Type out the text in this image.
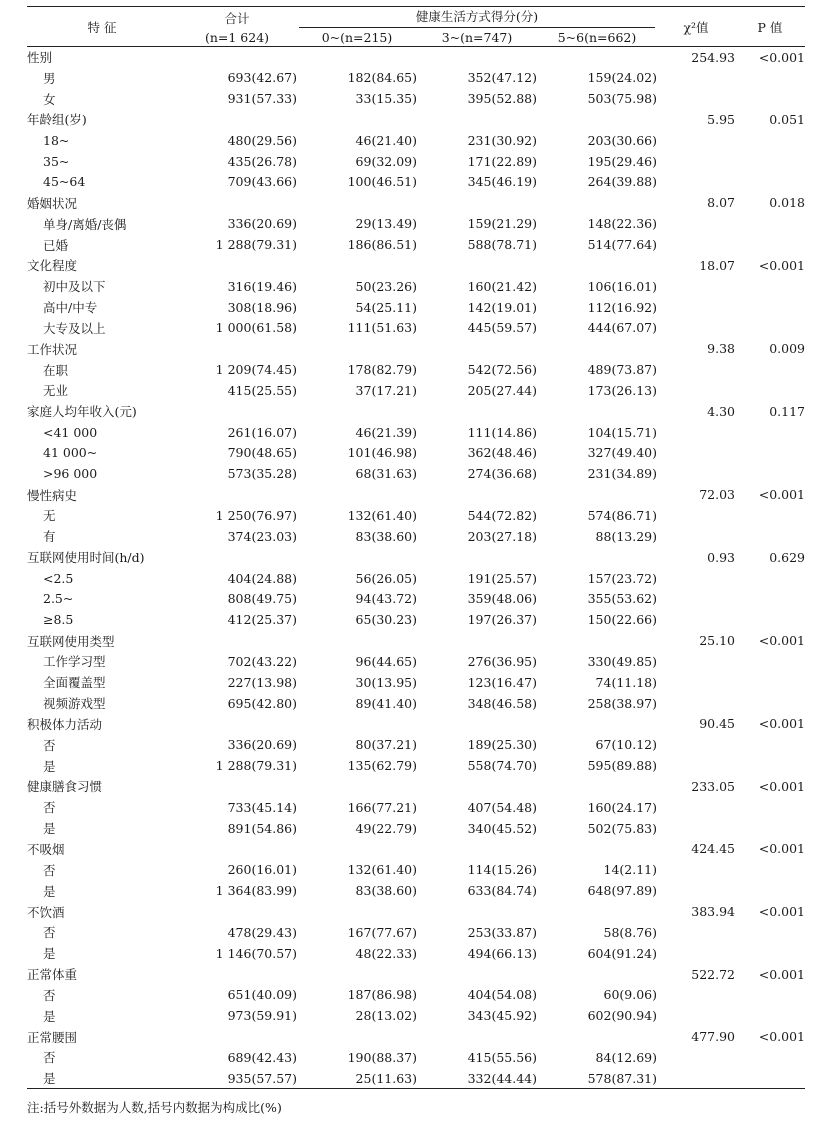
特 征	合计	健康生活方式得分(分)			χ²值	P 值
	(n=1 624)	0~(n=215)	3~(n=747)	5~6(n=662)		
性别					254.93	<0.001
男	693(42.67)	182(84.65)	352(47.12)	159(24.02)		
女	931(57.33)	33(15.35)	395(52.88)	503(75.98)		
年龄组(岁)					5.95	0.051
18~	480(29.56)	46(21.40)	231(30.92)	203(30.66)		
35~	435(26.78)	69(32.09)	171(22.89)	195(29.46)		
45~64	709(43.66)	100(46.51)	345(46.19)	264(39.88)		
婚姻状况					8.07	0.018
单身/离婚/丧偶	336(20.69)	29(13.49)	159(21.29)	148(22.36)		
已婚	1 288(79.31)	186(86.51)	588(78.71)	514(77.64)		
文化程度					18.07	<0.001
初中及以下	316(19.46)	50(23.26)	160(21.42)	106(16.01)		
高中/中专	308(18.96)	54(25.11)	142(19.01)	112(16.92)		
大专及以上	1 000(61.58)	111(51.63)	445(59.57)	444(67.07)		
工作状况					9.38	0.009
在职	1 209(74.45)	178(82.79)	542(72.56)	489(73.87)		
无业	415(25.55)	37(17.21)	205(27.44)	173(26.13)		
家庭人均年收入(元)					4.30	0.117
<41 000	261(16.07)	46(21.39)	111(14.86)	104(15.71)		
41 000~	790(48.65)	101(46.98)	362(48.46)	327(49.40)		
>96 000	573(35.28)	68(31.63)	274(36.68)	231(34.89)		
慢性病史					72.03	<0.001
无	1 250(76.97)	132(61.40)	544(72.82)	574(86.71)		
有	374(23.03)	83(38.60)	203(27.18)	88(13.29)		
互联网使用时间(h/d)					0.93	0.629
<2.5	404(24.88)	56(26.05)	191(25.57)	157(23.72)		
2.5~	808(49.75)	94(43.72)	359(48.06)	355(53.62)		
≥8.5	412(25.37)	65(30.23)	197(26.37)	150(22.66)		
互联网使用类型					25.10	<0.001
工作学习型	702(43.22)	96(44.65)	276(36.95)	330(49.85)		
全面覆盖型	227(13.98)	30(13.95)	123(16.47)	74(11.18)		
视频游戏型	695(42.80)	89(41.40)	348(46.58)	258(38.97)		
积极体力活动					90.45	<0.001
否	336(20.69)	80(37.21)	189(25.30)	67(10.12)		
是	1 288(79.31)	135(62.79)	558(74.70)	595(89.88)		
健康膳食习惯					233.05	<0.001
否	733(45.14)	166(77.21)	407(54.48)	160(24.17)		
是	891(54.86)	49(22.79)	340(45.52)	502(75.83)		
不吸烟					424.45	<0.001
否	260(16.01)	132(61.40)	114(15.26)	14(2.11)		
是	1 364(83.99)	83(38.60)	633(84.74)	648(97.89)		
不饮酒					383.94	<0.001
否	478(29.43)	167(77.67)	253(33.87)	58(8.76)		
是	1 146(70.57)	48(22.33)	494(66.13)	604(91.24)		
正常体重					522.72	<0.001
否	651(40.09)	187(86.98)	404(54.08)	60(9.06)		
是	973(59.91)	28(13.02)	343(45.92)	602(90.94)		
正常腰围					477.90	<0.001
否	689(42.43)	190(88.37)	415(55.56)	84(12.69)		
是	935(57.57)	25(11.63)	332(44.44)	578(87.31)		
注:括号外数据为人数,括号内数据为构成比(%)
